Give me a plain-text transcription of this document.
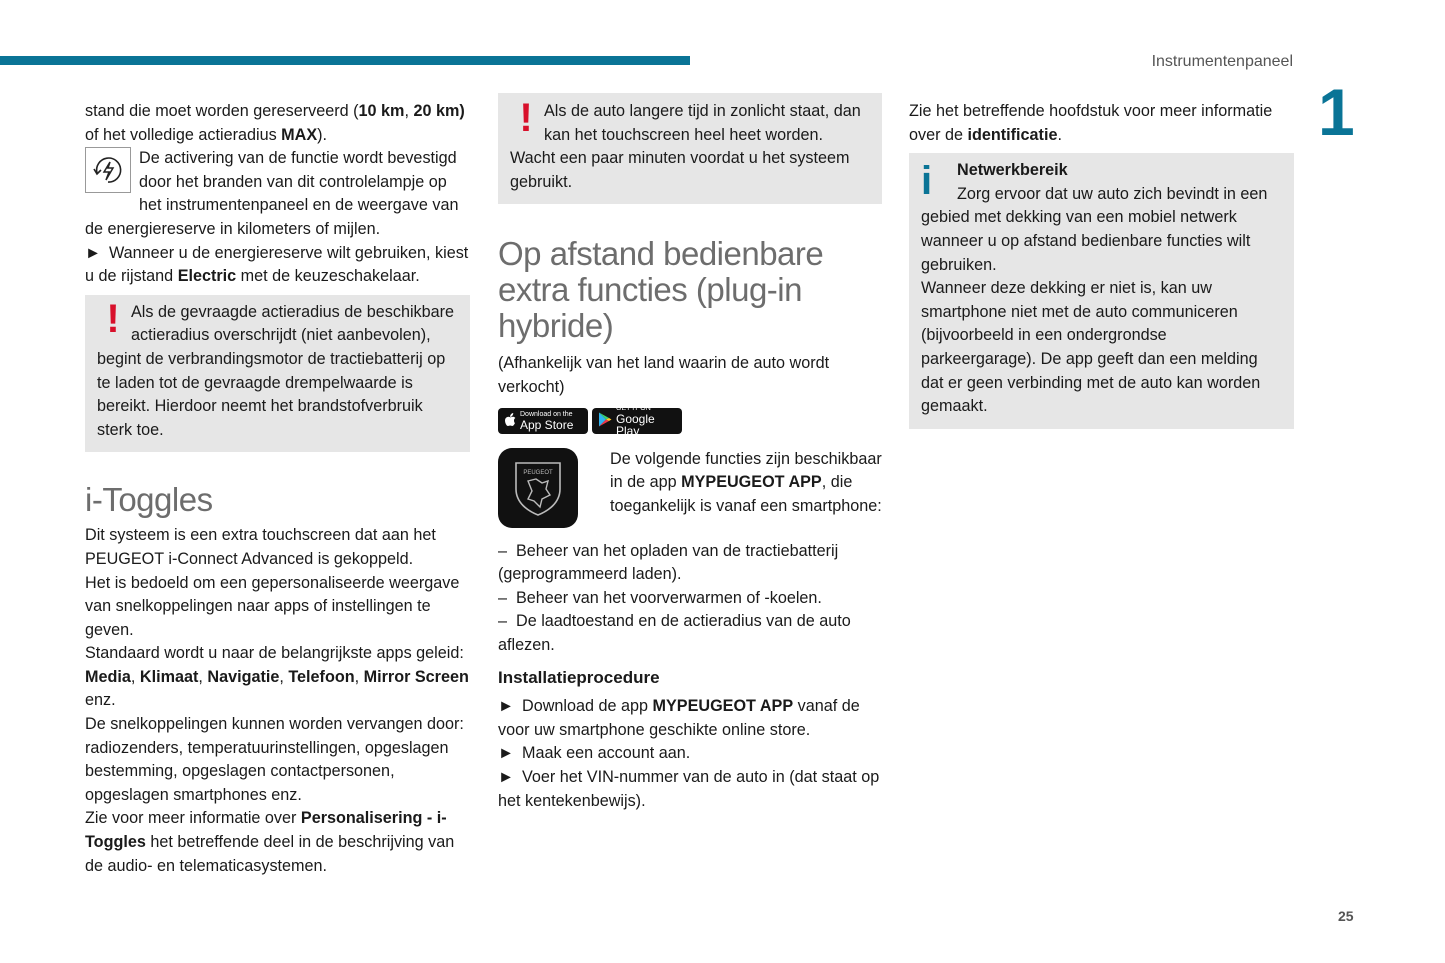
Instrumentenpaneel
1
25

stand die moet worden gereserveerd (10 km, 20 km) of het volledige actieradius MAX).

De activering van de functie wordt bevestigd door het branden van dit controlelampje op het instrumentenpaneel en de weergave van de energiereserve in kilometers of mijlen.

► Wanneer u de energiereserve wilt gebruiken, kiest u de rijstand Electric met de keuzeschakelaar.

! Als de gevraagde actieradius de beschikbare actieradius overschrijdt (niet aanbevolen), begint de verbrandingsmotor de tractiebatterij op te laden tot de gevraagde drempelwaarde is bereikt. Hierdoor neemt het brandstofverbruik sterk toe.

i-Toggles

Dit systeem is een extra touchscreen dat aan het PEUGEOT i-Connect Advanced is gekoppeld.

Het is bedoeld om een gepersonaliseerde weergave van snelkoppelingen naar apps of instellingen te geven.

Standaard wordt u naar de belangrijkste apps geleid: Media, Klimaat, Navigatie, Telefoon, Mirror Screen enz.

De snelkoppelingen kunnen worden vervangen door: radiozenders, temperatuurinstellingen, opgeslagen bestemming, opgeslagen contactpersonen, opgeslagen smartphones enz.

Zie voor meer informatie over Personalisering - i-Toggles het betreffende deel in de beschrijving van de audio- en telematicasystemen.

! Als de auto langere tijd in zonlicht staat, dan kan het touchscreen heel heet worden. Wacht een paar minuten voordat u het systeem gebruikt.

Op afstand bedienbare extra functies (plug-in hybride)

(Afhankelijk van het land waarin de auto wordt verkocht)

Download on the
App Store
GET IT ON
Google Play
PEUGEOT

De volgende functies zijn beschikbaar in de app MYPEUGEOT APP, die toegankelijk is vanaf een smartphone:

– Beheer van het opladen van de tractiebatterij (geprogrammeerd laden).

– Beheer van het voorverwarmen of -koelen.

– De laadtoestand en de actieradius van de auto aflezen.

Installatieprocedure

► Download de app MYPEUGEOT APP vanaf de voor uw smartphone geschikte online store.

► Maak een account aan.

► Voer het VIN-nummer van de auto in (dat staat op het kentekenbewijs).

Zie het betreffende hoofdstuk voor meer informatie over de identificatie.

i	Netwerkbereik

Zorg ervoor dat uw auto zich bevindt in een gebied met dekking van een mobiel netwerk wanneer u op afstand bedienbare functies wilt gebruiken.

Wanneer deze dekking er niet is, kan uw smartphone niet met de auto communiceren (bijvoorbeeld in een ondergrondse parkeergarage). De app geeft dan een melding dat er geen verbinding met de auto kan worden gemaakt.
